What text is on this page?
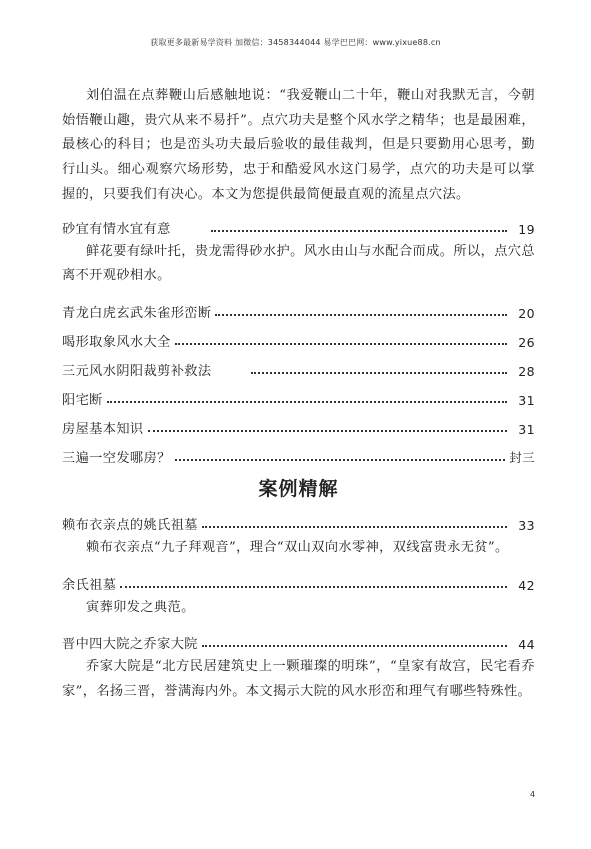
获取更多最新易学资料 加微信：3458344044 易学巴巴网：www.yixue88.cn

刘伯温在点葬鞭山后感触地说：“我爱鞭山二十年，鞭山对我默无言，今朝始悟鞭山趣，贵穴从来不易扦”。点穴功夫是整个风水学之精华；也是最困难，最核心的科目；也是峦头功夫最后验收的最佳裁判，但是只要勤用心思考，勤行山头。细心观察穴场形势，忠于和酷爱风水这门易学，点穴的功夫是可以掌握的，只要我们有决心。本文为您提供最简便最直观的流星点穴法。

砂宜有情水宜有意	19

鲜花要有绿叶托，贵龙需得砂水护。风水由山与水配合而成。所以，点穴总离不开观砂相水。

青龙白虎玄武朱雀形峦断	20
喝形取象风水大全	26
三元风水阴阳裁剪补救法	28
阳宅断	31
房屋基本知识	31
三遍一空发哪房？	封三
案例精解
赖布衣亲点的姚氏祖墓	33

赖布衣亲点“九子拜观音”，理合“双山双向水零神，双线富贵永无贫”。

余氏祖墓	42

寅葬卯发之典范。

晋中四大院之乔家大院	44

乔家大院是“北方民居建筑史上一颗璀璨的明珠”，“皇家有故宫，民宅看乔家”，名扬三晋，誉满海内外。本文揭示大院的风水形峦和理气有哪些特殊性。

4
